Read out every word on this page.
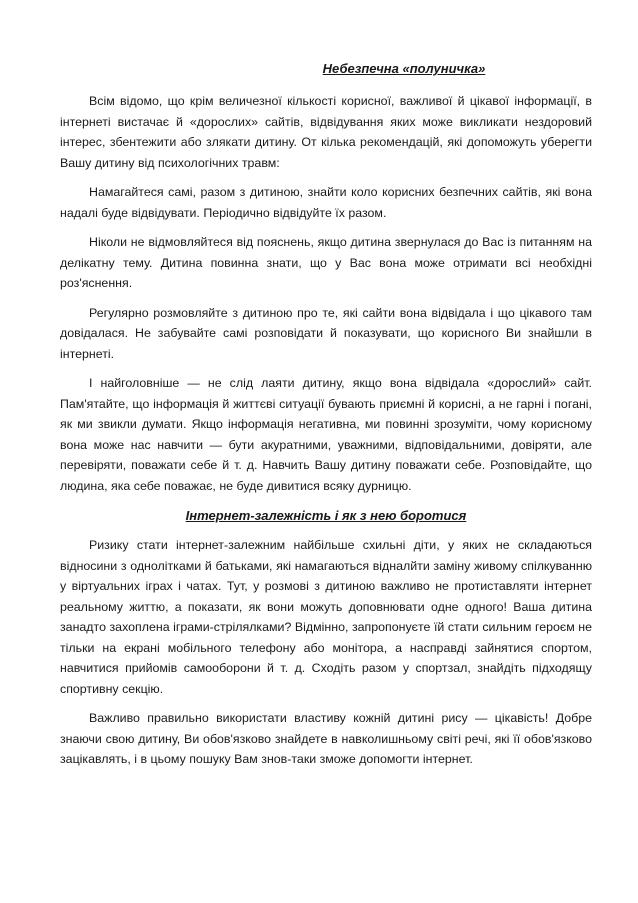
Небезпечна «полуничка»

Всім відомо, що крім величезної кількості корисної, важливої й цікавої інформації, в інтернеті вистачає й «дорослих» сайтів, відвідування яких може викликати нездоровий інтерес, збентежити або злякати дитину. От кілька рекомендацій, які допоможуть уберегти Вашу дитину від психологічних травм:

Намагайтеся самі, разом з дитиною, знайти коло корисних безпечних сайтів, які вона надалі буде відвідувати. Періодично відвідуйте їх разом.

Ніколи не відмовляйтеся від пояснень, якщо дитина звернулася до Вас із питанням на делікатну тему. Дитина повинна знати, що у Вас вона може отримати всі необхідні роз'яснення.

Регулярно розмовляйте з дитиною про те, які сайти вона відвідала і що цікавого там довідалася. Не забувайте самі розповідати й показувати, що корисного Ви знайшли в інтернеті.

І найголовніше — не слід лаяти дитину, якщо вона відвідала «дорослий» сайт. Пам'ятайте, що інформація й життєві ситуації бувають приємні й корисні, а не гарні і погані, як ми звикли думати. Якщо інформація негативна, ми повинні зрозуміти, чому корисному вона може нас навчити — бути акуратними, уважними, відповідальними, довіряти, але перевіряти, поважати себе й т. д. Навчить Вашу дитину поважати себе. Розповідайте, що людина, яка себе поважає, не буде дивитися всяку дурницю.

Інтернет-залежність і як з нею боротися

Ризику стати інтернет-залежним найбільше схильні діти, у яких не складаються відносини з однолітками й батьками, які намагаються відналйти заміну живому спілкуванню у віртуальних іграх і чатах. Тут, у розмові з дитиною важливо не протиставляти інтернет реальному життю, а показати, як вони можуть доповнювати одне одного! Ваша дитина занадто захоплена іграми-стрілялками? Відмінно, запропонуєте їй стати сильним героєм не тільки на екрані мобільного телефону або монітора, а насправді зайнятися спортом, навчитися прийомів самооборони й т. д. Сходіть разом у спортзал, знайдіть підходящу спортивну секцію.

Важливо правильно використати властиву кожній дитині рису — цікавість! Добре знаючи свою дитину, Ви обов'язково знайдете в навколишньому світі речі, які її обов'язково зацікавлять, і в цьому пошуку Вам знов-таки зможе допомогти інтернет.
